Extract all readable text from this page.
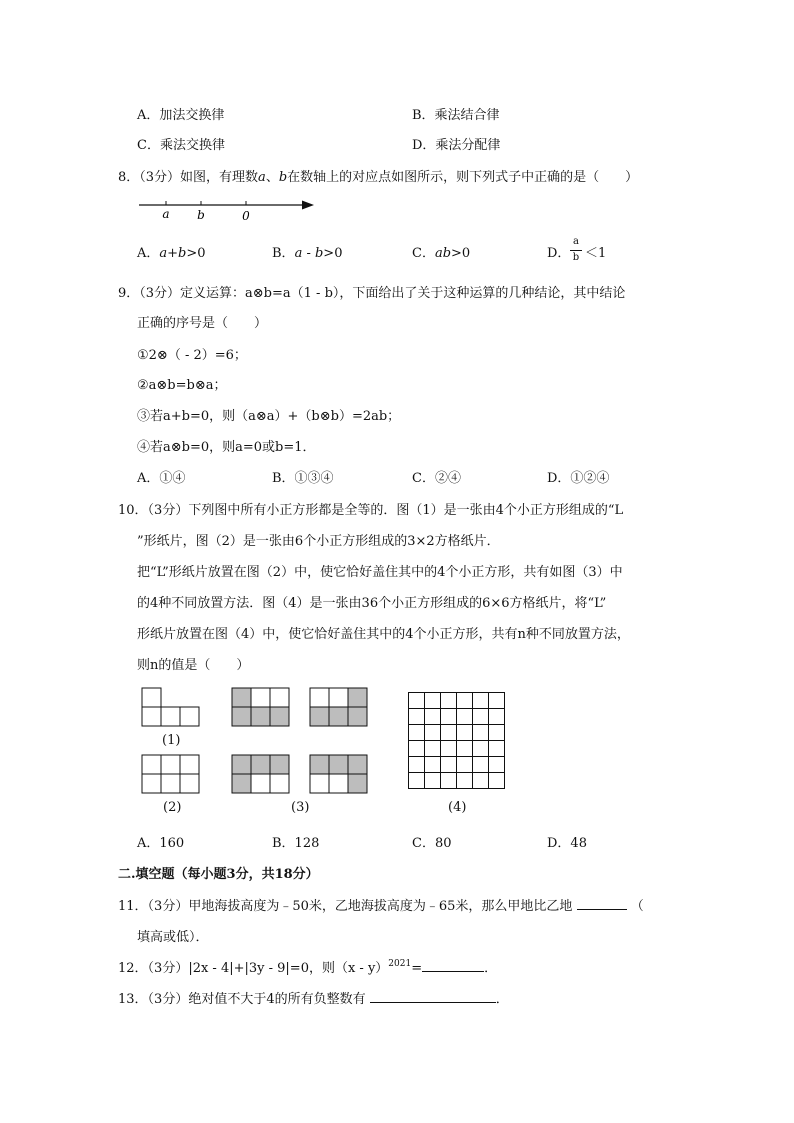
A．加法交换律	B．乘法结合律
C．乘法交换律	D．乘法分配律
8．（3分）如图，有理数a、b在数轴上的对应点如图所示，则下列式子中正确的是（　　）
a b	0
A．a+b>0	B．a - b>0	C．ab>0	D．
a
b ＜1
9．（3分）定义运算：a⊗b=a（1 - b），下面给出了关于这种运算的几种结论，其中结论
正确的序号是（　　）
①2⊗（ - 2）=6；
②a⊗b=b⊗a；
③若a+b=0，则（a⊗a）+（b⊗b）=2ab；
④若a⊗b=0，则a=0或b=1．
A．①④	B．①③④	C．②④	D．①②④
10．（3分）下列图中所有小正方形都是全等的．图（1）是一张由4个小正方形组成的“L
”形纸片，图（2）是一张由6个小正方形组成的3×2方格纸片．
把“L”形纸片放置在图（2）中，使它恰好盖住其中的4个小正方形，共有如图（3）中
的4种不同放置方法．图（4）是一张由36个小正方形组成的6×6方格纸片，将“L”
形纸片放置在图（4）中，使它恰好盖住其中的4个小正方形，共有n种不同放置方法，
则n的值是（　　）
(1)
(2)	(3)	(4)
A．160	B．128	C．80	D．48
二.填空题（每小题3分，共18分）
11．（3分）甲地海拔高度为﹣50米，乙地海拔高度为﹣65米，那么甲地比乙地	（
填高或低）．
12．（3分）|2x - 4|+|3y - 9|=0，则（x - y）$^{2021}$=	．
13．（3分）绝对值不大于4的所有负整数有	．
